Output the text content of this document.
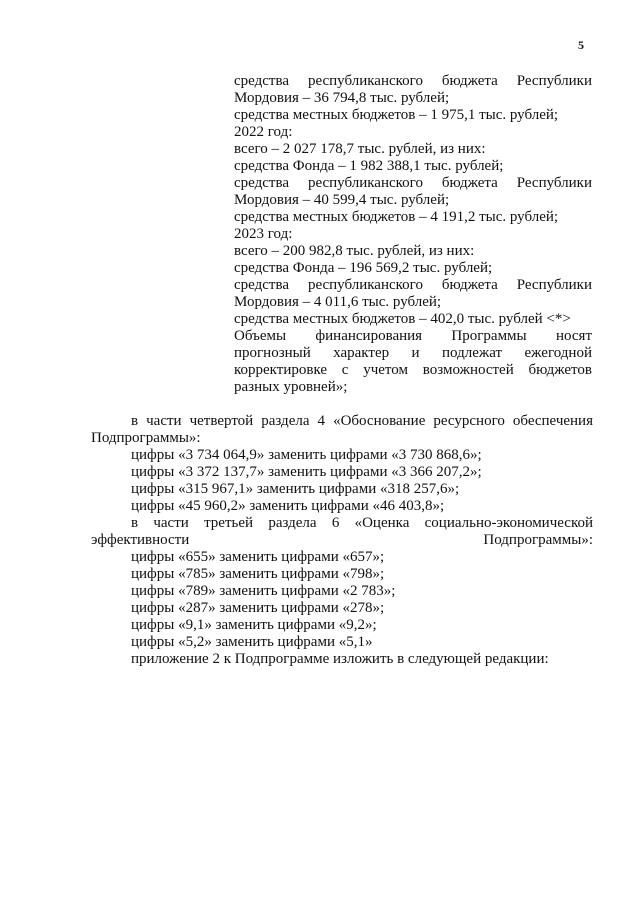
5
средства республиканского бюджета Республики
Мордовия – 36 794,8 тыс. рублей;
средства местных бюджетов – 1 975,1 тыс. рублей;
2022 год:
всего – 2 027 178,7 тыс. рублей, из них:
средства Фонда – 1 982 388,1 тыс. рублей;
средства республиканского бюджета Республики
Мордовия – 40 599,4 тыс. рублей;
средства местных бюджетов – 4 191,2 тыс. рублей;
2023 год:
всего – 200 982,8 тыс. рублей, из них:
средства Фонда – 196 569,2 тыс. рублей;
средства республиканского бюджета Республики
Мордовия – 4 011,6 тыс. рублей;
средства местных бюджетов – 402,0 тыс. рублей <*>
Объемы финансирования Программы носят
прогнозный характер и подлежат ежегодной
корректировке с учетом возможностей бюджетов
разных уровней»;
в части четвертой раздела 4 «Обоснование ресурсного обеспечения Подпрограммы»:
цифры «3 734 064,9» заменить цифрами «3 730 868,6»;
цифры «3 372 137,7» заменить цифрами «3 366 207,2»;
цифры «315 967,1» заменить цифрами «318 257,6»;
цифры «45 960,2» заменить цифрами «46 403,8»;
в части третьей раздела 6 «Оценка социально-экономической эффективности Подпрограммы»:
цифры «655» заменить цифрами «657»;
цифры «785» заменить цифрами «798»;
цифры «789» заменить цифрами «2 783»;
цифры «287» заменить цифрами «278»;
цифры «9,1» заменить цифрами «9,2»;
цифры «5,2» заменить цифрами «5,1»
приложение 2 к Подпрограмме изложить в следующей редакции:
